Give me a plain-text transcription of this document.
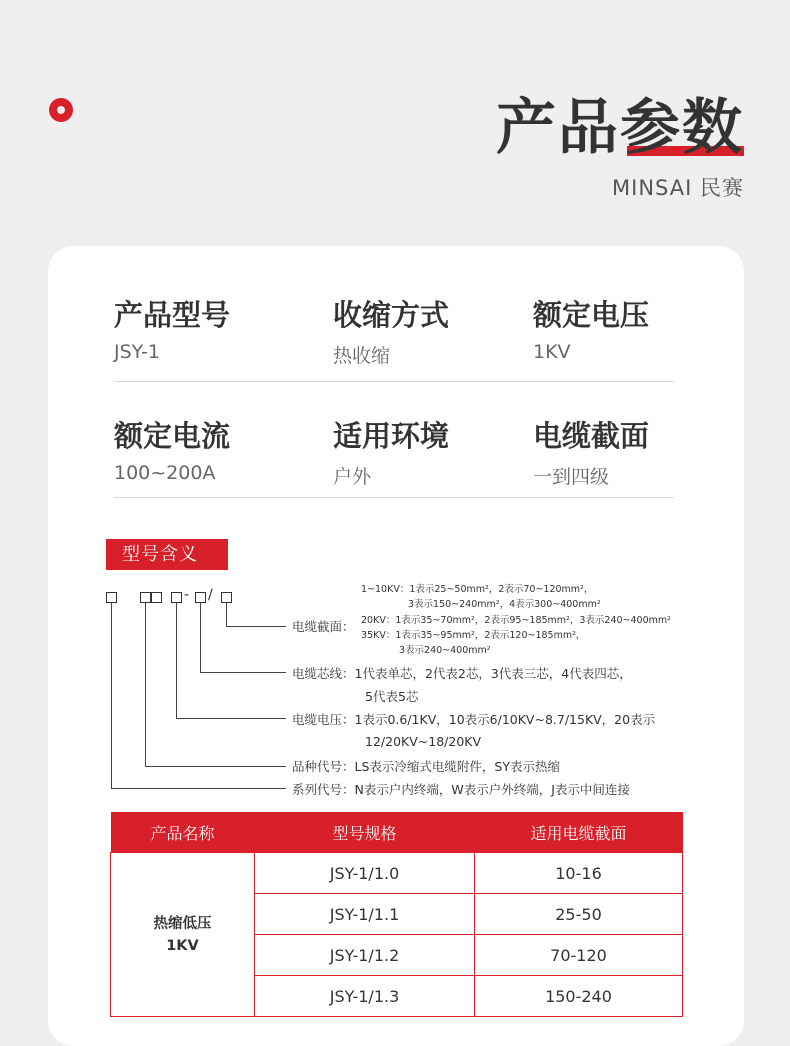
产品参数
MINSAI 民赛
产品型号
JSY-1
收缩方式
热收缩
额定电压
1KV
额定电流
100~200A
适用环境
户外
电缆截面
一到四级
型号含义
- /	1~10KV：1表示25~50mm²，2表示70~120mm²，
3表示150~240mm²，4表示300~400mm²
电缆截面： 20KV：1表示35~70mm²，2表示95~185mm²，3表示240~400mm²
35KV：1表示35~95mm²，2表示120~185mm²，
3表示240~400mm²
电缆芯线：1代表单芯，2代表2芯，3代表三芯，4代表四芯，
5代表5芯
电缆电压：1表示0.6/1KV，10表示6/10KV~8.7/15KV，20表示
12/20KV~18/20KV
品种代号：LS表示冷缩式电缆附件，SY表示热缩
系列代号：N表示户内终端，W表示户外终端，J表示中间连接
产品名称	型号规格	适用电缆截面

热缩低压
1KV	JSY-1/1.0	10-16
	JSY-1/1.1	25-50
	JSY-1/1.2	70-120
	JSY-1/1.3	150-240
